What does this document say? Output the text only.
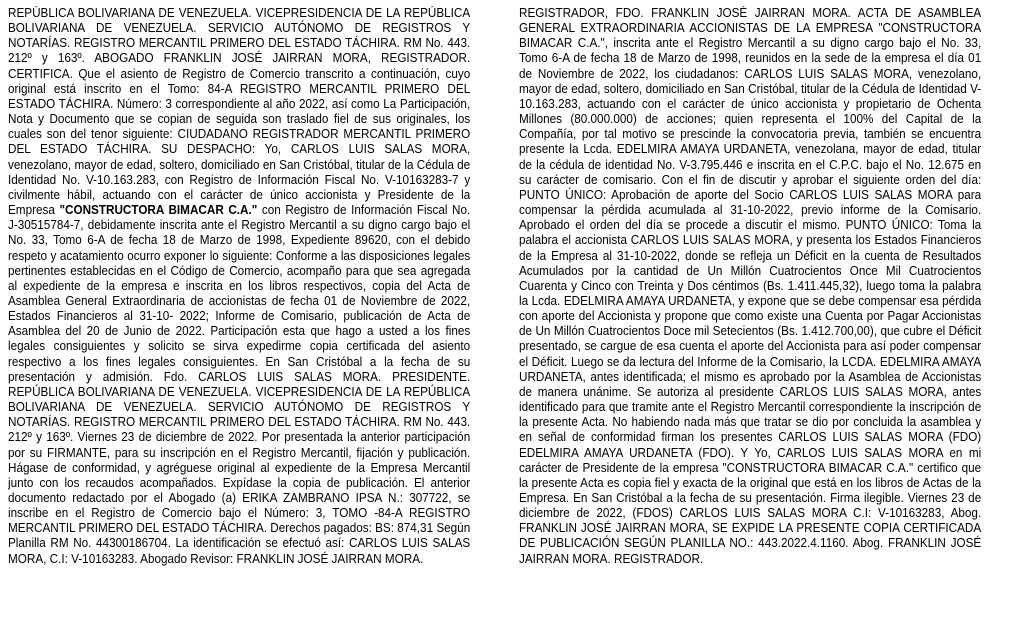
REPÚBLICA BOLIVARIANA DE VENEZUELA. VICEPRESIDENCIA DE LA REPÚBLICA BOLIVARIANA DE VENEZUELA. SERVICIO AUTÓNOMO DE REGISTROS Y NOTARÍAS. REGISTRO MERCANTIL PRIMERO DEL ESTADO TÁCHIRA. RM No. 443. 212º y 163º. ABOGADO FRANKLIN JOSÉ JAIRRAN MORA, REGISTRADOR. CERTIFICA. Que el asiento de Registro de Comercio transcrito a continuación, cuyo original está inscrito en el Tomo: 84-A REGISTRO MERCANTIL PRIMERO DEL ESTADO TÁCHIRA. Número: 3 correspondiente al año 2022, así como La Participación, Nota y Documento que se copian de seguida son traslado fiel de sus originales, los cuales son del tenor siguiente: CIUDADANO REGISTRADOR MERCANTIL PRIMERO DEL ESTADO TÁCHIRA. SU DESPACHO: Yo, CARLOS LUIS SALAS MORA, venezolano, mayor de edad, soltero, domiciliado en San Cristóbal, titular de la Cédula de Identidad No. V-10.163.283, con Registro de Información Fiscal No. V-10163283-7 y civilmente hábil, actuando con el carácter de único accionista y Presidente de la Empresa "CONSTRUCTORA BIMACAR C.A." con Registro de Información Fiscal No. J-30515784-7, debidamente inscrita ante el Registro Mercantil a su digno cargo bajo el No. 33, Tomo 6-A de fecha 18 de Marzo de 1998, Expediente 89620, con el debido respeto y acatamiento ocurro exponer lo siguiente: Conforme a las disposiciones legales pertinentes establecidas en el Código de Comercio, acompaño para que sea agregada al expediente de la empresa e inscrita en los libros respectivos, copia del Acta de Asamblea General Extraordinaria de accionistas de fecha 01 de Noviembre de 2022, Estados Financieros al 31-10- 2022; Informe de Comisario, publicación de Acta de Asamblea del 20 de Junio de 2022. Participación esta que hago a usted a los fines legales consiguientes y solicito se sirva expedirme copia certificada del asiento respectivo a los fines legales consiguientes. En San Cristóbal a la fecha de su presentación y admisión. Fdo. CARLOS LUIS SALAS MORA. PRESIDENTE. REPÚBLICA BOLIVARIANA DE VENEZUELA. VICEPRESIDENCIA DE LA REPÚBLICA BOLIVARIANA DE VENEZUELA. SERVICIO AUTÓNOMO DE REGISTROS Y NOTARÍAS. REGISTRO MERCANTIL PRIMERO DEL ESTADO TÁCHIRA. RM No. 443. 212º y 163º. Viernes 23 de diciembre de 2022. Por presentada la anterior participación por su FIRMANTE, para su inscripción en el Registro Mercantil, fijación y publicación. Hágase de conformidad, y agréguese original al expediente de la Empresa Mercantil junto con los recaudos acompañados. Expídase la copia de publicación. El anterior documento redactado por el Abogado (a) ERIKA ZAMBRANO IPSA N.: 307722, se inscribe en el Registro de Comercio bajo el Número: 3, TOMO -84-A REGISTRO MERCANTIL PRIMERO DEL ESTADO TÁCHIRA. Derechos pagados: BS: 874,31 Según Planilla RM No. 44300186704. La identificación se efectuó así: CARLOS LUIS SALAS MORA, C.I: V-10163283. Abogado Revisor: FRANKLIN JOSÉ JAIRRAN MORA.

REGISTRADOR, FDO. FRANKLIN JOSÉ JAIRRAN MORA. ACTA DE ASAMBLEA GENERAL EXTRAORDINARIA ACCIONISTAS DE LA EMPRESA "CONSTRUCTORA BIMACAR C.A.", inscrita ante el Registro Mercantil a su digno cargo bajo el No. 33, Tomo 6-A de fecha 18 de Marzo de 1998, reunidos en la sede de la empresa el día 01 de Noviembre de 2022, los ciudadanos: CARLOS LUIS SALAS MORA, venezolano, mayor de edad, soltero, domiciliado en San Cristóbal, titular de la Cédula de Identidad V-10.163.283, actuando con el carácter de único accionista y propietario de Ochenta Millones (80.000.000) de acciones; quien representa el 100% del Capital de la Compañía, por tal motivo se prescinde la convocatoria previa, también se encuentra presente la Lcda. EDELMIRA AMAYA URDANETA, venezolana, mayor de edad, titular de la cédula de identidad No. V-3.795.446 e inscrita en el C.P.C. bajo el No. 12.675 en su carácter de comisario. Con el fin de discutir y aprobar el siguiente orden del día: PUNTO ÚNICO: Aprobación de aporte del Socio CARLOS LUIS SALAS MORA para compensar la pérdida acumulada al 31-10-2022, previo informe de la Comisario. Aprobado el orden del día se procede a discutir el mismo. PUNTO ÚNICO: Toma la palabra el accionista CARLOS LUIS SALAS MORA, y presenta los Estados Financieros de la Empresa al 31-10-2022, donde se refleja un Déficit en la cuenta de Resultados Acumulados por la cantidad de Un Millón Cuatrocientos Once Mil Cuatrocientos Cuarenta y Cinco con Treinta y Dos céntimos (Bs. 1.411.445,32), luego toma la palabra la Lcda. EDELMIRA AMAYA URDANETA, y expone que se debe compensar esa pérdida con aporte del Accionista y propone que como existe una Cuenta por Pagar Accionistas de Un Millón Cuatrocientos Doce mil Setecientos (Bs. 1.412.700,00), que cubre el Déficit presentado, se cargue de esa cuenta el aporte del Accionista para así poder compensar el Déficit. Luego se da lectura del Informe de la Comisario, la LCDA. EDELMIRA AMAYA URDANETA, antes identificada; el mismo es aprobado por la Asamblea de Accionistas de manera unánime. Se autoriza al presidente CARLOS LUIS SALAS MORA, antes identificado para que tramite ante el Registro Mercantil correspondiente la inscripción de la presente Acta. No habiendo nada más que tratar se dio por concluida la asamblea y en señal de conformidad firman los presentes CARLOS LUIS SALAS MORA (FDO) EDELMIRA AMAYA URDANETA (FDO). Y Yo, CARLOS LUIS SALAS MORA en mi carácter de Presidente de la empresa "CONSTRUCTORA BIMACAR C.A." certifico que la presente Acta es copia fiel y exacta de la original que está en los libros de Actas de la Empresa. En San Cristóbal a la fecha de su presentación. Firma ilegible. Viernes 23 de diciembre de 2022, (FDOS) CARLOS LUIS SALAS MORA C.I: V-10163283, Abog. FRANKLIN JOSÉ JAIRRAN MORA, SE EXPIDE LA PRESENTE COPIA CERTIFICADA DE PUBLICACIÓN SEGÚN PLANILLA NO.: 443.2022.4.1160. Abog. FRANKLIN JOSÉ JAIRRAN MORA. REGISTRADOR.
